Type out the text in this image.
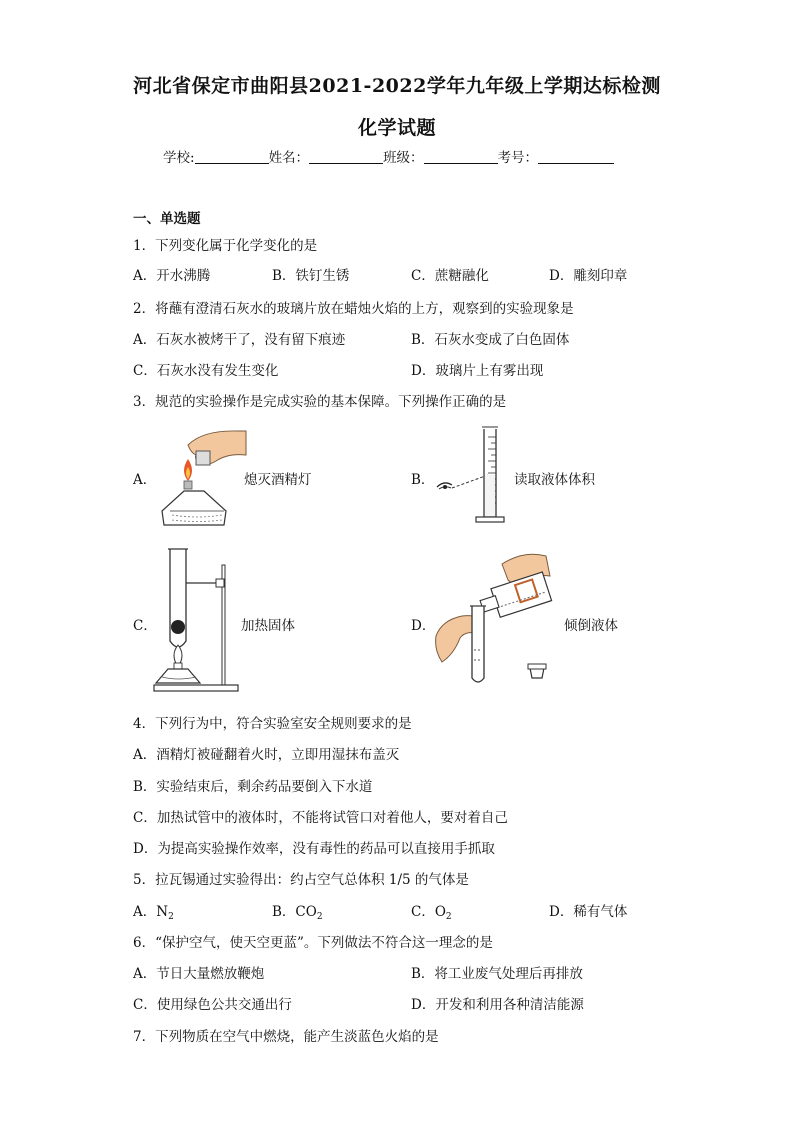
河北省保定市曲阳县2021-2022学年九年级上学期达标检测
化学试题
学校:	姓名：	班级：	考号：
一、单选题
1．下列变化属于化学变化的是
A．开水沸腾	B．铁钉生锈	C．蔗糖融化	D．雕刻印章
2．将蘸有澄清石灰水的玻璃片放在蜡烛火焰的上方，观察到的实验现象是
A．石灰水被烤干了，没有留下痕迹	B．石灰水变成了白色固体
C．石灰水没有发生变化	D．玻璃片上有雾出现
3．规范的实验操作是完成实验的基本保障。下列操作正确的是
A．	熄灭酒精灯	B．	读取液体体积
C．	加热固体	D．	倾倒液体
4．下列行为中，符合实验室安全规则要求的是
A．酒精灯被碰翻着火时，立即用湿抹布盖灭
B．实验结束后，剩余药品要倒入下水道
C．加热试管中的液体时，不能将试管口对着他人，要对着自己
D．为提高实验操作效率，没有毒性的药品可以直接用手抓取
5．拉瓦锡通过实验得出：约占空气总体积 1/5 的气体是
A．$N_2$	B．$CO_2$	C．$O_2$	D．稀有气体
6．“保护空气，使天空更蓝”。下列做法不符合这一理念的是
A．节日大量燃放鞭炮	B．将工业废气处理后再排放
C．使用绿色公共交通出行	D．开发和利用各种清洁能源
7．下列物质在空气中燃烧，能产生淡蓝色火焰的是
